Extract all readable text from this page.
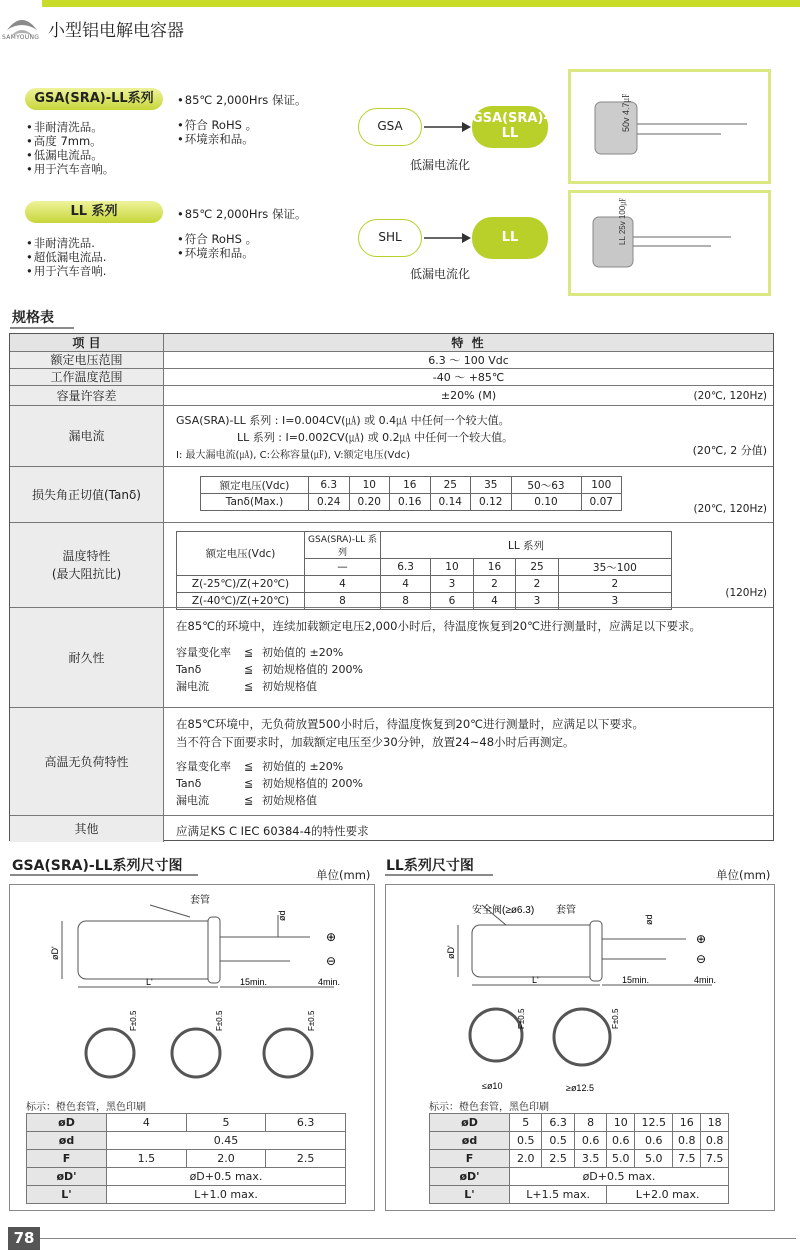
SAMYOUNG 小型铝电解电容器
GSA(SRA)-LL系列
• 非耐清洗品。
• 高度 7mm。
• 低漏电流品。
• 用于汽车音响。
• 85℃ 2,000Hrs 保证。
• 符合 RoHS 。
• 环境亲和品。
GSA	GSA(SRA)-LL
低漏电流化
50v 4.7㎌
LL 系列
• 非耐清洗品.
• 超低漏电流品.
• 用于汽车音响.
• 85℃ 2,000Hrs 保证。
• 符合 RoHS 。
• 环境亲和品。
SHL	LL
低漏电流化
LL 25v 100㎌
规格表
项 目	特 性
额定电压范围	6.3 ～ 100 Vdc
工作温度范围	-40 ～ +85℃
容量许容差	±20% (M)	(20℃, 120Hz)
漏电流
GSA(SRA)-LL 系列 : I=0.004CV(㎂) 或 0.4㎂ 中任何一个较大值。
LL 系列 : I=0.002CV(㎂) 或 0.2㎂ 中任何一个较大值。
I: 最大漏电流(㎂), C:公称容量(㎌), V:额定电压(Vdc)	(20℃, 2 分值)
损失角正切值(Tanδ)
额定电压(Vdc)	6.3	10	16	25	35	50～63	100
Tanδ(Max.)	0.24	0.20	0.16	0.14	0.12	0.10	0.07
(20℃, 120Hz)
温度特性
(最大阻抗比)
额定电压(Vdc)	GSA(SRA)-LL 系列	LL 系列				
	—	6.3	10	16	25	35～100
Z(-25℃)/Z(+20℃)	4	4	3	2	2	2
Z(-40℃)/Z(+20℃)	8	8	6	4	3	3
(120Hz)
耐久性
在85℃的环境中，连续加载额定电压2,000小时后，待温度恢复到20℃进行测量时，应满足以下要求。
容量变化率 ≦ 初始值的 ±20%
Tanδ	≦ 初始规格值的 200%
漏电流	≦ 初始规格值
高温无负荷特性
在85℃环境中，无负荷放置500小时后，待温度恢复到20℃进行测量时，应满足以下要求。
当不符合下面要求时，加载额定电压至少30分钟，放置24~48小时后再测定。
容量变化率 ≦ 初始值的 ±20%
Tanδ	≦ 初始规格值的 200%
漏电流	≦ 初始规格值
其他	应满足KS C IEC 60384-4的特性要求
GSA(SRA)-LL系列尺寸图
单位(mm)
套管
ød
øD'
L'	15min.	4min.
⊕
⊖
F±0.5	F±0.5	F±0.5
标示：橙色套管，黑色印刷
øD	4	5	6.3
ød	0.45		
F	1.5	2.0	2.5
øD'	øD+0.5 max.		
L'	L+1.0 max.		
LL系列尺寸图
单位(mm)
安全阀(≥ø6.3) 套管
ød
øD'
L'	15min.	4min.
⊕
⊖
F±0.5	F±0.5
≤ø10	≥ø12.5
标示：橙色套管，黑色印刷
øD	5	6.3	8	10	12.5	16	18
ød	0.5	0.5	0.6	0.6	0.6	0.8	0.8
F	2.0	2.5	3.5	5.0	5.0	7.5	7.5
øD'	øD+0.5 max.						
L'	L+1.5 max.			L+2.0 max.			
78
